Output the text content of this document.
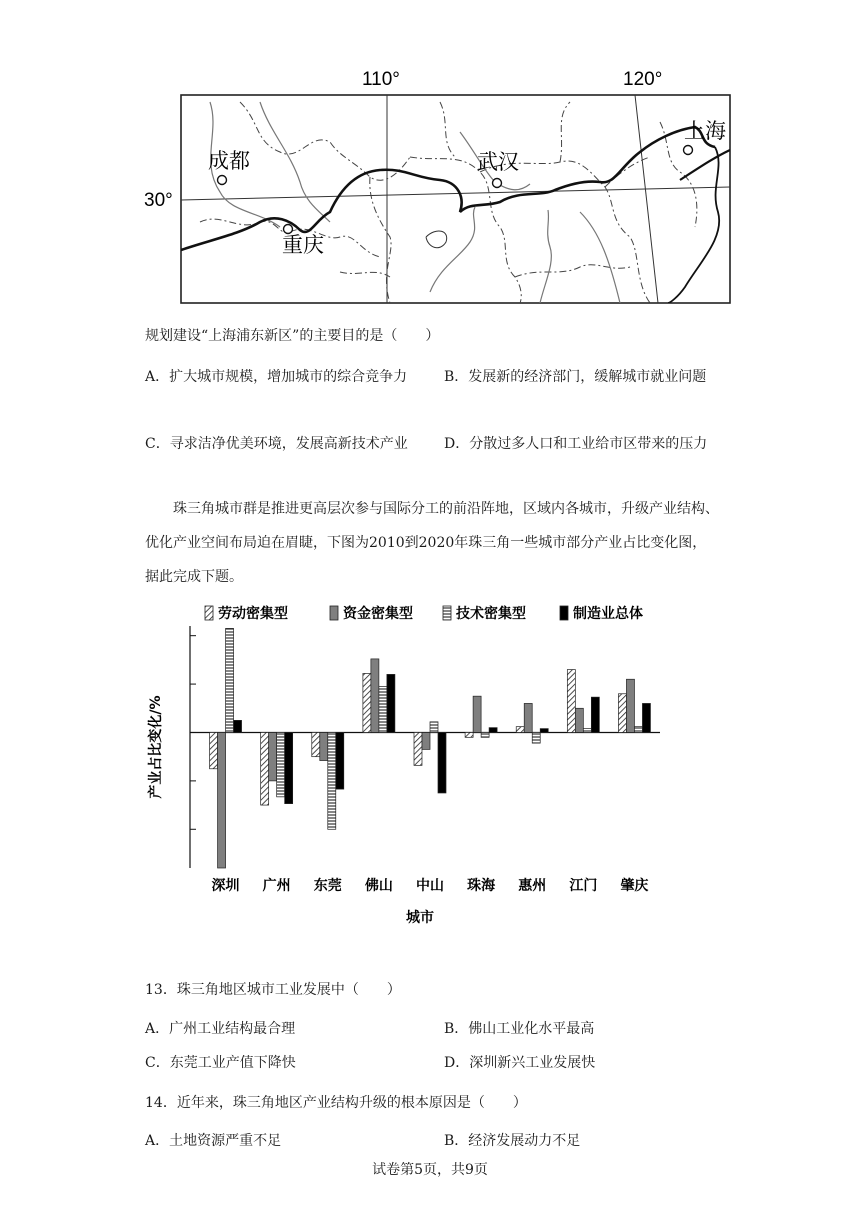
110°	120°
30°
成都	武汉
重庆
上海
规划建设“上海浦东新区”的主要目的是（　　）
A．扩大城市规模，增加城市的综合竞争力	B．发展新的经济部门，缓解城市就业问题
C．寻求洁净优美环境，发展高新技术产业	D．分散过多人口和工业给市区带来的压力
珠三角城市群是推进更高层次参与国际分工的前沿阵地，区域内各城市，升级产业结构、优化产业空间布局迫在眉睫，下图为2010到2020年珠三角一些城市部分产业占比变化图，据此完成下题。
劳动密集型	资金密集型	技术密集型	制造业总体
产业占比变化/%
深圳 广州 东莞 佛山 中山 珠海 惠州 江门 肇庆
城市
13．珠三角地区城市工业发展中（　　）
A．广州工业结构最合理	B．佛山工业化水平最高
C．东莞工业产值下降快	D．深圳新兴工业发展快
14．近年来，珠三角地区产业结构升级的根本原因是（　　）
A．土地资源严重不足	B．经济发展动力不足
试卷第5页，共9页
